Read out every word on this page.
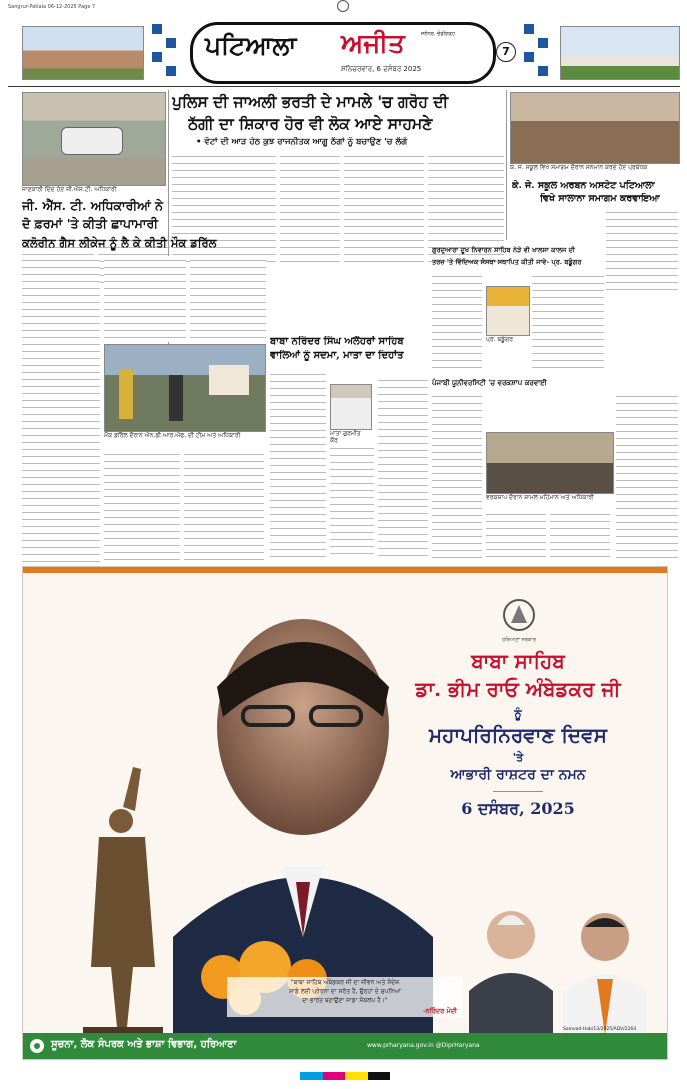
Sangrur-Patiala 06-12-2025 Page 7
ਪਟਿਆਲਾ ਅਜੀਤ	ਜਲੰਧਰ, ਚੰਡੀਗੜ੍ਹ
ਸ਼ਨਿਚਰਵਾਰ, 6 ਦਸੰਬਰ 2025
7
ਪੁਲਿਸ ਦੀ ਜਾਅਲੀ ਭਰਤੀ ਦੇ ਮਾਮਲੇ 'ਚ ਗਰੋਹ ਦੀ
ਠੱਗੀ ਦਾ ਸ਼ਿਕਾਰ ਹੋਰ ਵੀ ਲੋਕ ਆਏ ਸਾਹਮਣੇ
• ਵੋਟਾਂ ਦੀ ਆੜ ਹੇਠ ਕੁਝ ਰਾਜਨੀਤਕ ਆਗੂ ਠੱਗਾਂ ਨੂੰ ਬਚਾਉਣ 'ਚ ਲੱਗੇ
ਜਾਣਕਾਰੀ ਦਿੰਦੇ ਹੋਏ ਜੀ.ਐਸ.ਟੀ. ਅਧਿਕਾਰੀ
ਜੀ. ਐੱਸ. ਟੀ. ਅਧਿਕਾਰੀਆਂ ਨੇ
ਦੋ ਫ਼ਰਮਾਂ 'ਤੇ ਕੀਤੀ ਛਾਪਾਮਾਰੀ
ਕੇ. ਜੇ. ਸਕੂਲ ਵਿਖੇ ਸਮਾਗਮ ਦੌਰਾਨ ਸਨਮਾਨ ਕਰਦੇ ਹੋਏ ਪ੍ਰਬੰਧਕ
ਕੇ. ਜੇ. ਸਕੂਲ ਅਰਬਨ ਅਸਟੇਟ ਪਟਿਆਲਾ
ਵਿਖੇ ਸਾਲਾਨਾ ਸਮਾਗਮ ਕਰਵਾਇਆ
ਗੁਰਦੁਆਰਾ ਦੂਖ ਨਿਵਾਰਨ ਸਾਹਿਬ ਨੇੜੇ ਵੀ ਖਾਲਸਾ ਕਾਲਜ ਦੀ
ਤਰਜ਼ 'ਤੇ ਵਿੱਦਿਅਕ ਸੰਸਥਾ ਸਥਾਪਿਤ ਕੀਤੀ ਜਾਵੇ- ਪ੍ਰ. ਬਡੂੰਗਰ
ਪ੍ਰ. ਬਡੂੰਗਰ
ਕਲੋਰੀਨ ਗੈਸ ਲੀਕੇਜ ਨੂੰ ਲੈ ਕੇ ਕੀਤੀ ਮੌਕ ਡਰਿੱਲ
ਮੌਕ ਡਰਿੱਲ ਦੌਰਾਨ ਐਨ.ਡੀ.ਆਰ.ਐਫ. ਦੀ ਟੀਮ ਅਤੇ ਅਧਿਕਾਰੀ
ਬਾਬਾ ਨਰਿੰਦਰ ਸਿੰਘ ਅਲੌਹਰਾਂ ਸਾਹਿਬ
ਵਾਲਿਆਂ ਨੂੰ ਸਦਮਾ, ਮਾਤਾ ਦਾ ਦਿਹਾਂਤ
ਮਾਤਾ ਗੁਰਮੀਤ ਕੌਰ
ਪੰਜਾਬੀ ਯੂਨੀਵਰਸਿਟੀ 'ਚ ਵਰਕਸ਼ਾਪ ਕਰਵਾਈ
ਵਰਕਸ਼ਾਪ ਦੌਰਾਨ ਸ਼ਾਮਲ ਮਹਿਮਾਨ ਅਤੇ ਅਧਿਕਾਰੀ
ਹਰਿਆਣਾ ਸਰਕਾਰ
ਬਾਬਾ ਸਾਹਿਬ
ਡਾ. ਭੀਮ ਰਾਓ ਅੰਬੇਡਕਰ ਜੀ
ਨੂੰ
ਮਹਾਪਰਿਨਿਰਵਾਣ ਦਿਵਸ
'ਤੇ
ਆਭਾਰੀ ਰਾਸ਼ਟਰ ਦਾ ਨਮਨ
6 ਦਸੰਬਰ, 2025
"ਬਾਬਾ ਸਾਹਿਬ ਅੰਬੇਡਕਰ ਜੀ ਦਾ ਜੀਵਨ ਅਤੇ ਸੰਦੇਸ਼
ਸਾਡੇ ਲਈ ਪ੍ਰੇਰਨਾ ਦਾ ਸਰੋਤ ਹੈ, ਉਨ੍ਹਾਂ ਦੇ ਸੁਪਨਿਆਂ
ਦਾ ਭਾਰਤ ਬਣਾਉਣਾ ਸਾਡਾ ਸੰਕਲਪ ਹੈ।"
-ਨਰਿੰਦਰ ਮੋਦੀ
ਸੂਚਨਾ, ਲੋਕ ਸੰਪਰਕ ਅਤੇ ਭਾਸ਼ਾ ਵਿਭਾਗ, ਹਰਿਆਣਾ	www.prharyana.gov.in @DiprHaryana
Samvad-Hab/13/2025/ADV/2264
